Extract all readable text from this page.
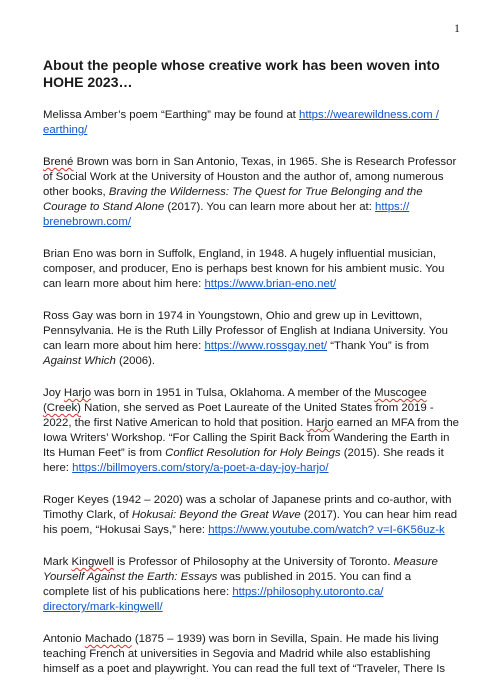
1
About the people whose creative work has been woven into HOHE 2023…

Melissa Amber’s poem “Earthing” may be found at https://wearewildness.com / earthing/

Brené Brown was born in San Antonio, Texas, in 1965. She is Research Professor of Social Work at the University of Houston and the author of, among numerous other books, Braving the Wilderness: The Quest for True Belonging and the Courage to Stand Alone (2017). You can learn more about her at: https:// brenebrown.com/

Brian Eno was born in Suffolk, England, in 1948. A hugely influential musician, composer, and producer, Eno is perhaps best known for his ambient music. You can learn more about him here: https://www.brian-eno.net/

Ross Gay was born in 1974 in Youngstown, Ohio and grew up in Levittown, Pennsylvania. He is the Ruth Lilly Professor of English at Indiana University. You can learn more about him here: https://www.rossgay.net/ “Thank You” is from Against Which (2006).

Joy Harjo was born in 1951 in Tulsa, Oklahoma. A member of the Muscogee (Creek) Nation, she served as Poet Laureate of the United States from 2019 - 2022, the first Native American to hold that position. Harjo earned an MFA from the Iowa Writers’ Workshop. “For Calling the Spirit Back from Wandering the Earth in Its Human Feet” is from Conflict Resolution for Holy Beings (2015). She reads it here: https://billmoyers.com/story/a-poet-a-day-joy-harjo/

Roger Keyes (1942 – 2020) was a scholar of Japanese prints and co-author, with Timothy Clark, of Hokusai: Beyond the Great Wave (2017). You can hear him read his poem, “Hokusai Says,” here: https://www.youtube.com/watch? v=I-6K56uz-k

Mark Kingwell is Professor of Philosophy at the University of Toronto. Measure Yourself Against the Earth: Essays was published in 2015. You can find a complete list of his publications here: https://philosophy.utoronto.ca/ directory/mark-kingwell/

Antonio Machado (1875 – 1939) was born in Sevilla, Spain. He made his living teaching French at universities in Segovia and Madrid while also establishing himself as a poet and playwright. You can read the full text of “Traveler, There Is
